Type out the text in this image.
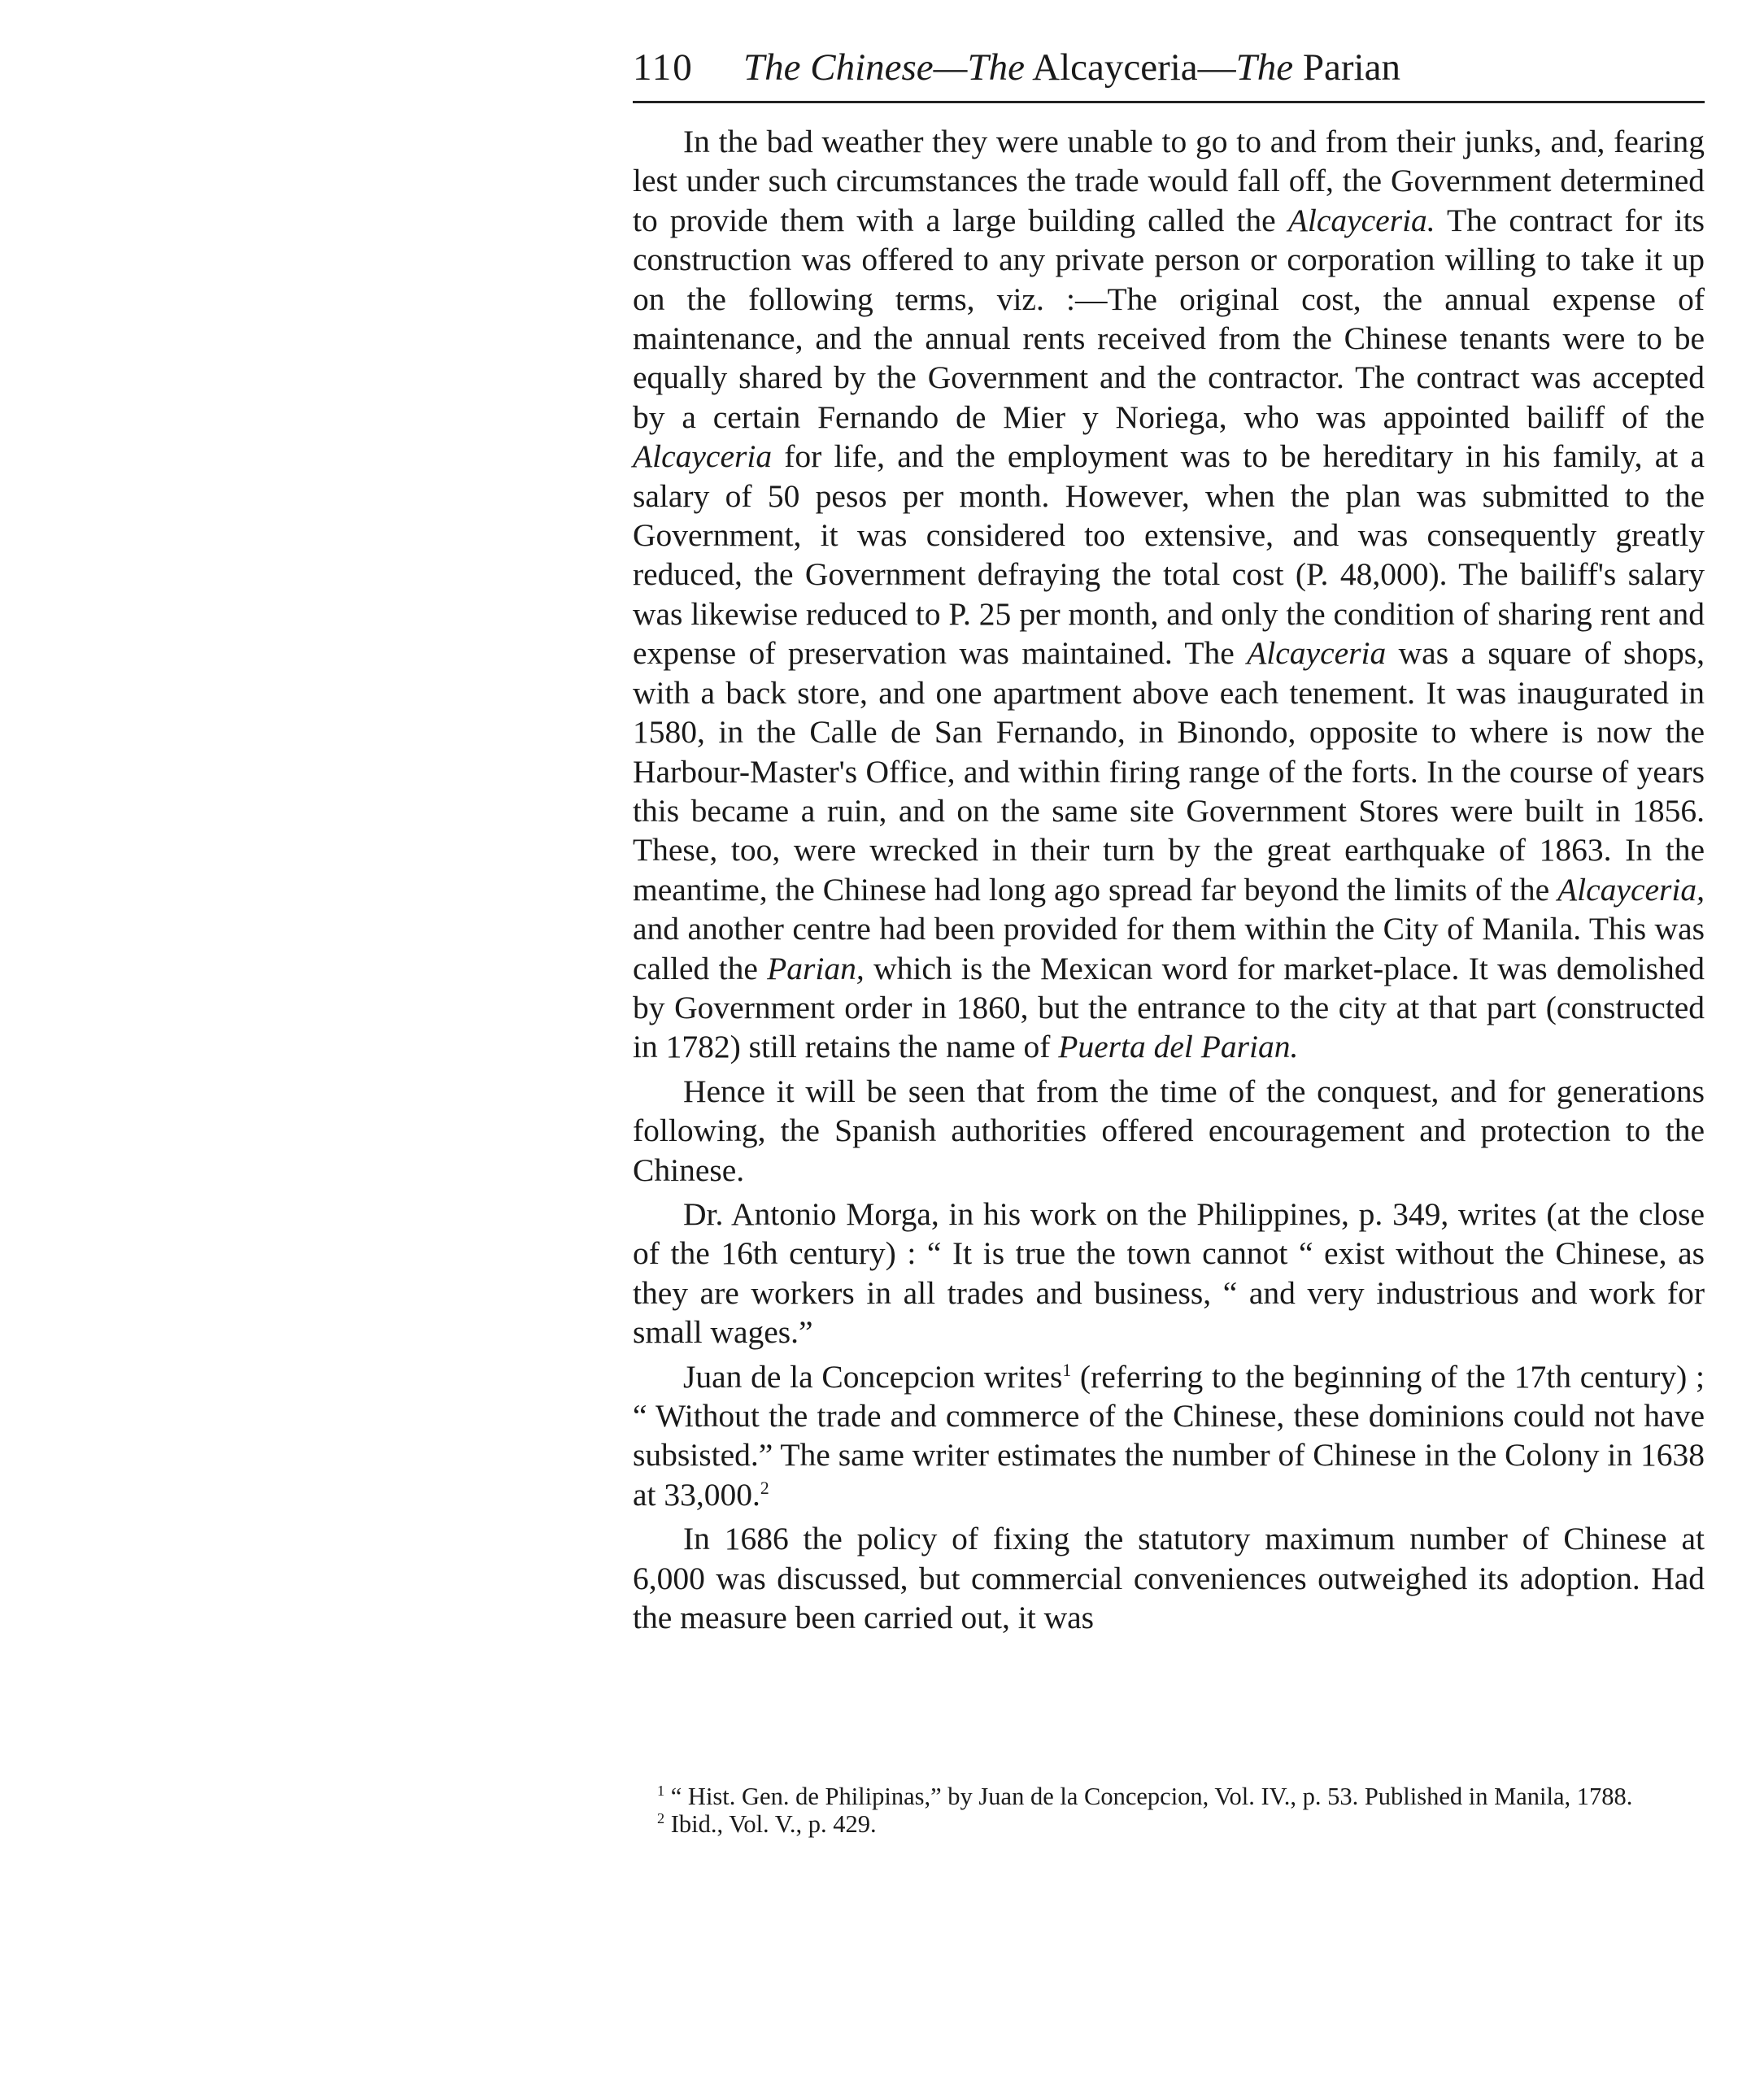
110 The Chinese—The Alcayceria—The Parian

In the bad weather they were unable to go to and from their junks, and, fearing lest under such circumstances the trade would fall off, the Government determined to provide them with a large building called the Alcayceria. The contract for its construction was offered to any private person or corporation willing to take it up on the following terms, viz. :—The original cost, the annual expense of maintenance, and the annual rents received from the Chinese tenants were to be equally shared by the Government and the contractor. The contract was accepted by a certain Fernando de Mier y Noriega, who was appointed bailiff of the Alcayceria for life, and the employment was to be hereditary in his family, at a salary of 50 pesos per month. However, when the plan was submitted to the Government, it was considered too extensive, and was consequently greatly reduced, the Government defraying the total cost (P. 48,000). The bailiff's salary was likewise reduced to P. 25 per month, and only the condition of sharing rent and expense of preservation was maintained. The Alcayceria was a square of shops, with a back store, and one apartment above each tenement. It was inaugurated in 1580, in the Calle de San Fernando, in Binondo, opposite to where is now the Harbour-Master's Office, and within firing range of the forts. In the course of years this became a ruin, and on the same site Government Stores were built in 1856. These, too, were wrecked in their turn by the great earthquake of 1863. In the meantime, the Chinese had long ago spread far beyond the limits of the Alcayceria, and another centre had been provided for them within the City of Manila. This was called the Parian, which is the Mexican word for market-place. It was demolished by Government order in 1860, but the entrance to the city at that part (constructed in 1782) still retains the name of Puerta del Parian.

Hence it will be seen that from the time of the conquest, and for generations following, the Spanish authorities offered encouragement and protection to the Chinese.

Dr. Antonio Morga, in his work on the Philippines, p. 349, writes (at the close of the 16th century) : “ It is true the town cannot “ exist without the Chinese, as they are workers in all trades and business, “ and very industrious and work for small wages.”

Juan de la Concepcion writes$^1$ (referring to the beginning of the 17th century) ; “ Without the trade and commerce of the Chinese, these dominions could not have subsisted.” The same writer estimates the number of Chinese in the Colony in 1638 at 33,000.$^2$

In 1686 the policy of fixing the statutory maximum number of Chinese at 6,000 was discussed, but commercial conveniences outweighed its adoption. Had the measure been carried out, it was

$^1$ “ Hist. Gen. de Philipinas,” by Juan de la Concepcion, Vol. IV., p. 53. Published in Manila, 1788.

$^2$ Ibid., Vol. V., p. 429.
